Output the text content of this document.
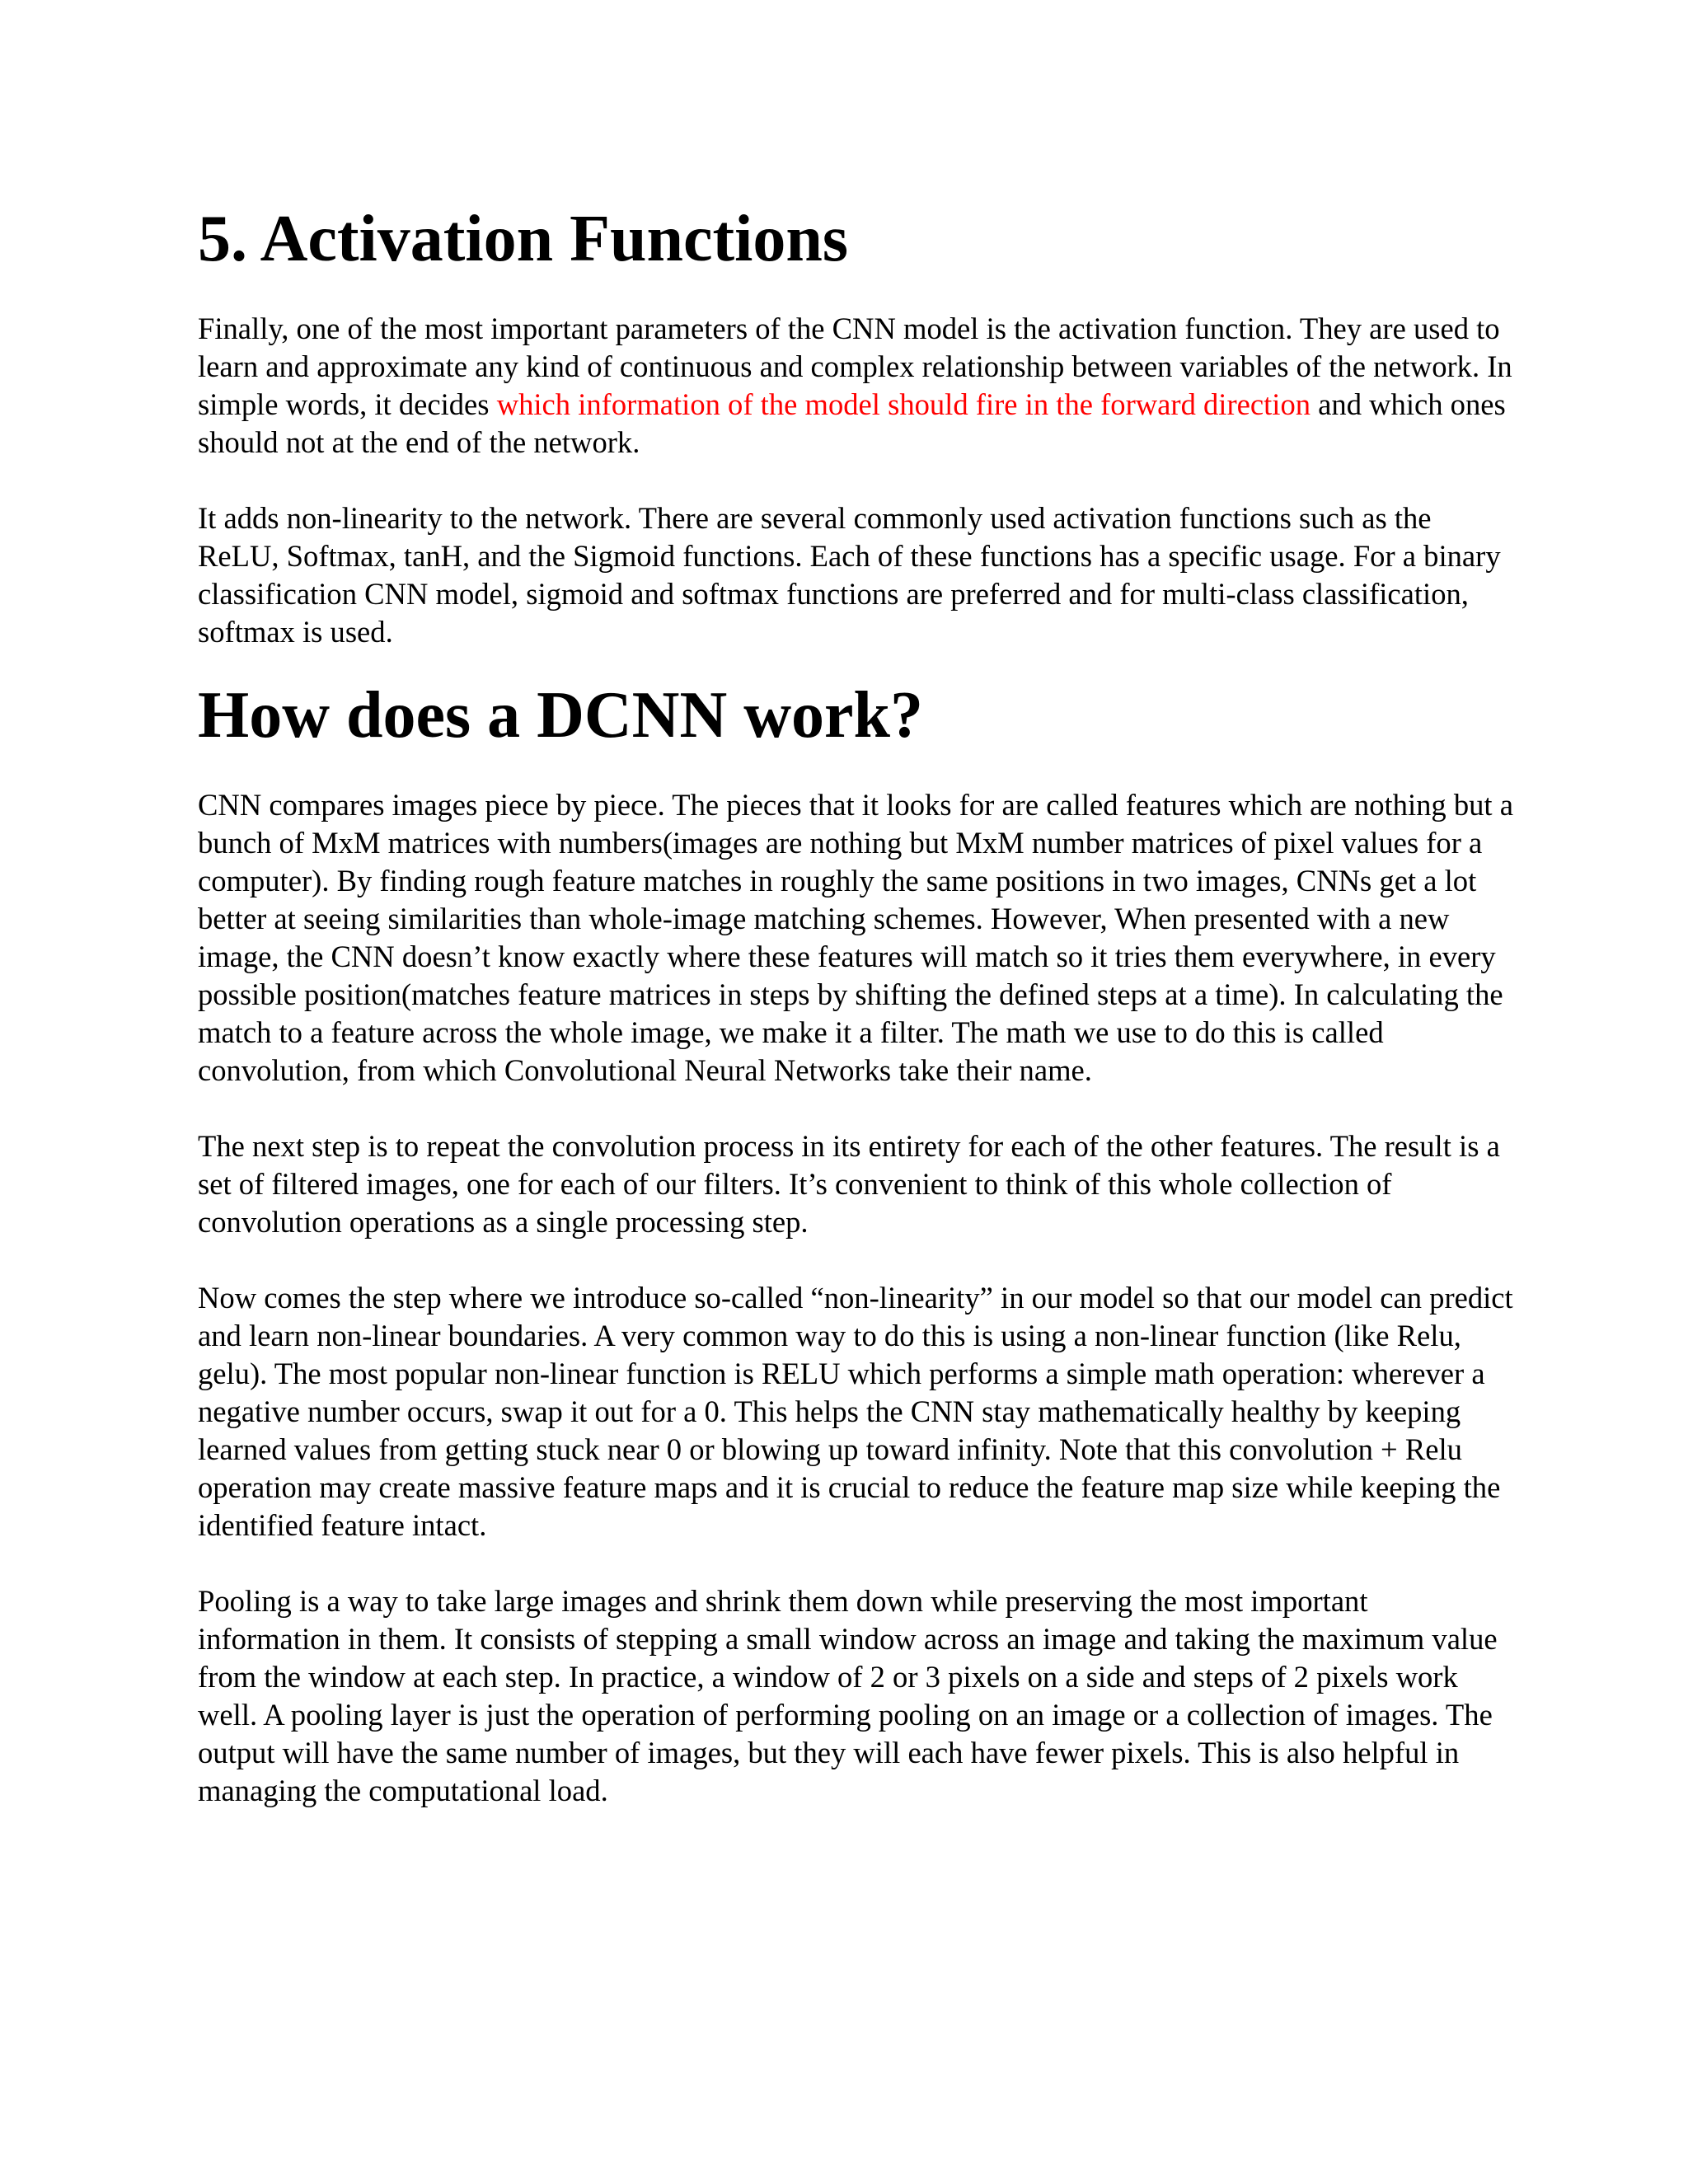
5. Activation Functions

Finally, one of the most important parameters of the CNN model is the activation function. They are used to learn and approximate any kind of continuous and complex relationship between variables of the network. In simple words, it decides which information of the model should fire in the forward direction and which ones should not at the end of the network.

It adds non-linearity to the network. There are several commonly used activation functions such as the ReLU, Softmax, tanH, and the Sigmoid functions. Each of these functions has a specific usage. For a binary classification CNN model, sigmoid and softmax functions are preferred and for multi-class classification, softmax is used.

How does a DCNN work?

CNN compares images piece by piece. The pieces that it looks for are called features which are nothing but a bunch of MxM matrices with numbers(images are nothing but MxM number matrices of pixel values for a computer). By finding rough feature matches in roughly the same positions in two images, CNNs get a lot better at seeing similarities than whole-image matching schemes. However, When presented with a new image, the CNN doesn’t know exactly where these features will match so it tries them everywhere, in every possible position(matches feature matrices in steps by shifting the defined steps at a time). In calculating the match to a feature across the whole image, we make it a filter. The math we use to do this is called convolution, from which Convolutional Neural Networks take their name.

The next step is to repeat the convolution process in its entirety for each of the other features. The result is a set of filtered images, one for each of our filters. It’s convenient to think of this whole collection of convolution operations as a single processing step.

Now comes the step where we introduce so-called “non-linearity” in our model so that our model can predict and learn non-linear boundaries. A very common way to do this is using a non-linear function (like Relu, gelu). The most popular non-linear function is RELU which performs a simple math operation: wherever a negative number occurs, swap it out for a 0. This helps the CNN stay mathematically healthy by keeping learned values from getting stuck near 0 or blowing up toward infinity. Note that this convolution + Relu operation may create massive feature maps and it is crucial to reduce the feature map size while keeping the identified feature intact.

Pooling is a way to take large images and shrink them down while preserving the most important information in them. It consists of stepping a small window across an image and taking the maximum value from the window at each step. In practice, a window of 2 or 3 pixels on a side and steps of 2 pixels work well. A pooling layer is just the operation of performing pooling on an image or a collection of images. The output will have the same number of images, but they will each have fewer pixels. This is also helpful in managing the computational load.
